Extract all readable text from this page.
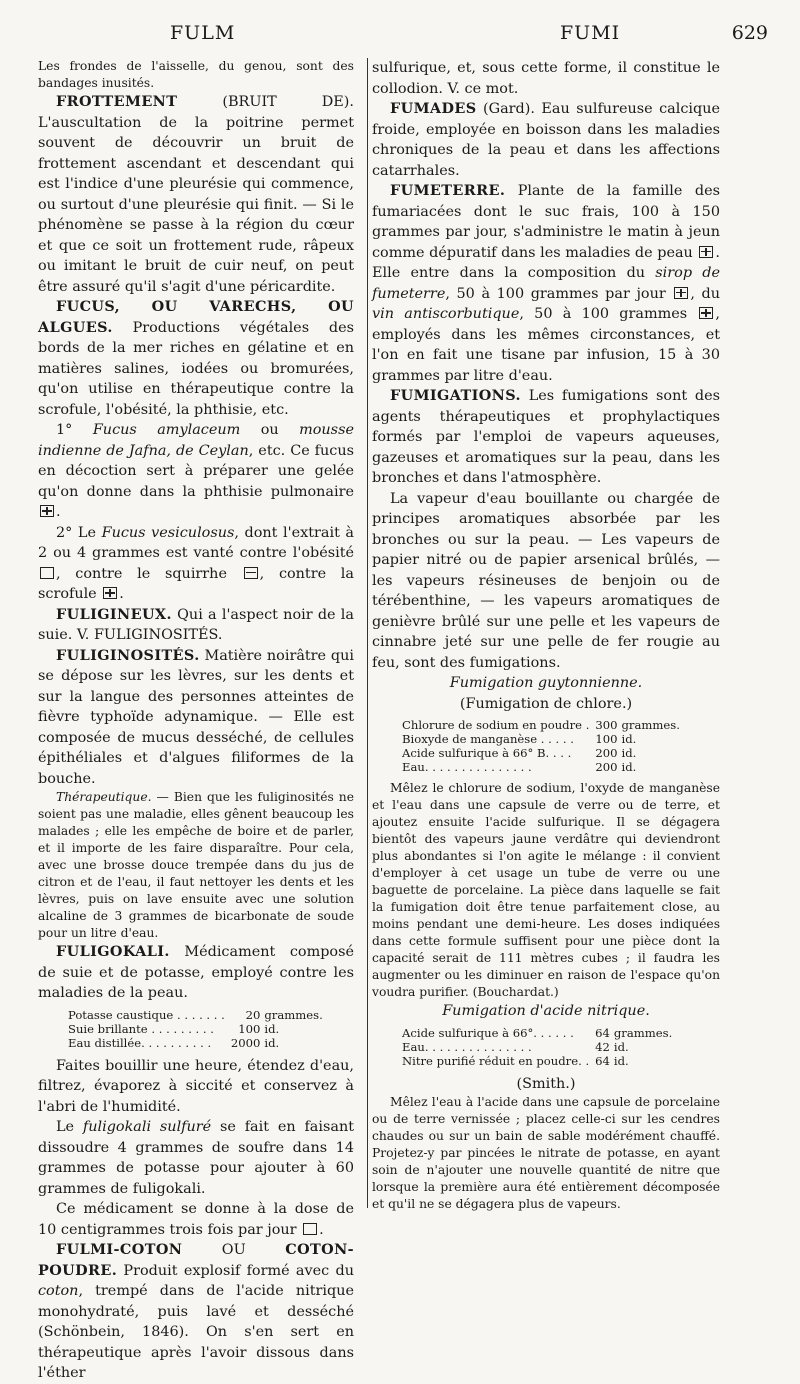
FULM	FUMI	629

Les frondes de l'aisselle, du genou, sont des bandages inusités.

FROTTEMENT (BRUIT DE). L'auscultation de la poitrine permet souvent de découvrir un bruit de frottement ascendant et descendant qui est l'indice d'une pleurésie qui commence, ou surtout d'une pleurésie qui finit. — Si le phénomène se passe à la région du cœur et que ce soit un frottement rude, râpeux ou imitant le bruit de cuir neuf, on peut être assuré qu'il s'agit d'une péricardite.

FUCUS, OU VARECHS, OU ALGUES. Productions végétales des bords de la mer riches en gélatine et en matières salines, iodées ou bromurées, qu'on utilise en thérapeutique contre la scrofule, l'obésité, la phthisie, etc.

1° Fucus amylaceum ou mousse indienne de Jafna, de Ceylan, etc. Ce fucus en décoction sert à préparer une gelée qu'on donne dans la phthisie pulmonaire .

2° Le Fucus vesiculosus, dont l'extrait à 2 ou 4 grammes est vanté contre l'obésité , contre le squirrhe , contre la scrofule .

FULIGINEUX. Qui a l'aspect noir de la suie. V. FULIGINOSITÉS.

FULIGINOSITÉS. Matière noirâtre qui se dépose sur les lèvres, sur les dents et sur la langue des personnes atteintes de fièvre typhoïde adynamique. — Elle est composée de mucus desséché, de cellules épithéliales et d'algues filiformes de la bouche.

Thérapeutique. — Bien que les fuliginosités ne soient pas une maladie, elles gênent beaucoup les malades ; elle les empêche de boire et de parler, et il importe de les faire disparaître. Pour cela, avec une brosse douce trempée dans du jus de citron et de l'eau, il faut nettoyer les dents et les lèvres, puis on lave ensuite avec une solution alcaline de 3 grammes de bicarbonate de soude pour un litre d'eau.

FULIGOKALI. Médicament composé de suie et de potasse, employé contre les maladies de la peau.

Potasse caustique . . . . . . .	20	grammes.
Suie brillante . . . . . . . . .	100	id.
Eau distillée. . . . . . . . . .	2000	id.

Faites bouillir une heure, étendez d'eau, filtrez, évaporez à siccité et conservez à l'abri de l'humidité.

Le fuligokali sulfuré se fait en faisant dissoudre 4 grammes de soufre dans 14 grammes de potasse pour ajouter à 60 grammes de fuligokali.

Ce médicament se donne à la dose de 10 centigrammes trois fois par jour .

FULMI-COTON OU COTON-POUDRE. Produit explosif formé avec du coton, trempé dans de l'acide nitrique monohydraté, puis lavé et desséché (Schönbein, 1846). On s'en sert en thérapeutique après l'avoir dissous dans l'éther

sulfurique, et, sous cette forme, il constitue le collodion. V. ce mot.

FUMADES (Gard). Eau sulfureuse calcique froide, employée en boisson dans les maladies chroniques de la peau et dans les affections catarrhales.

FUMETERRE. Plante de la famille des fumariacées dont le suc frais, 100 à 150 grammes par jour, s'administre le matin à jeun comme dépuratif dans les maladies de peau . Elle entre dans la composition du sirop de fumeterre, 50 à 100 grammes par jour , du vin antiscorbutique, 50 à 100 grammes , employés dans les mêmes circonstances, et l'on en fait une tisane par infusion, 15 à 30 grammes par litre d'eau.

FUMIGATIONS. Les fumigations sont des agents thérapeutiques et prophylactiques formés par l'emploi de vapeurs aqueuses, gazeuses et aromatiques sur la peau, dans les bronches et dans l'atmosphère.

La vapeur d'eau bouillante ou chargée de principes aromatiques absorbée par les bronches ou sur la peau. — Les vapeurs de papier nitré ou de papier arsenical brûlés, — les vapeurs résineuses de benjoin ou de térébenthine, — les vapeurs aromatiques de genièvre brûlé sur une pelle et les vapeurs de cinnabre jeté sur une pelle de fer rougie au feu, sont des fumigations.

Fumigation guytonnienne.

(Fumigation de chlore.)

Chlorure de sodium en poudre .	300	grammes.
Bioxyde de manganèse . . . . .	100	id.
Acide sulfurique à 66° B. . . .	200	id.
Eau. . . . . . . . . . . . . . .	200	id.

Mêlez le chlorure de sodium, l'oxyde de manganèse et l'eau dans une capsule de verre ou de terre, et ajoutez ensuite l'acide sulfurique. Il se dégagera bientôt des vapeurs jaune verdâtre qui deviendront plus abondantes si l'on agite le mélange : il convient d'employer à cet usage un tube de verre ou une baguette de porcelaine. La pièce dans laquelle se fait la fumigation doit être tenue parfaitement close, au moins pendant une demi-heure. Les doses indiquées dans cette formule suffisent pour une pièce dont la capacité serait de 111 mètres cubes ; il faudra les augmenter ou les diminuer en raison de l'espace qu'on voudra purifier. (Bouchardat.)

Fumigation d'acide nitrique.

Acide sulfurique à 66°. . . . . .	64	grammes.
Eau. . . . . . . . . . . . . . .	42	id.
Nitre purifié réduit en poudre. .	64	id.

(Smith.)

Mêlez l'eau à l'acide dans une capsule de porcelaine ou de terre vernissée ; placez celle-ci sur les cendres chaudes ou sur un bain de sable modérément chauffé. Projetez-y par pincées le nitrate de potasse, en ayant soin de n'ajouter une nouvelle quantité de nitre que lorsque la première aura été entièrement décomposée et qu'il ne se dégagera plus de vapeurs.
